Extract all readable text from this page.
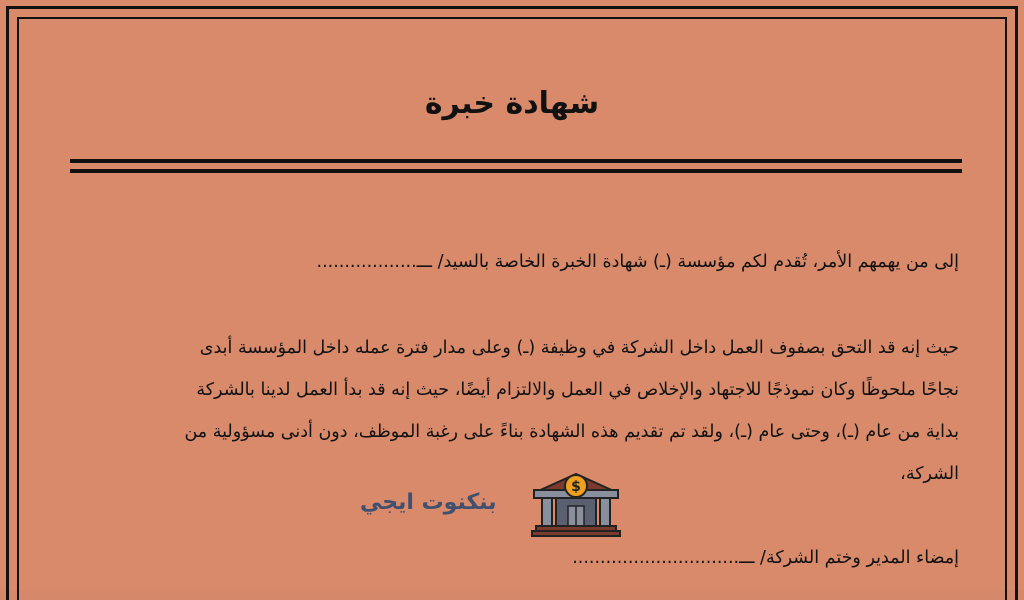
شهادة خبرة
إلى من يهمهم الأمر، تُقدم لكم مؤسسة (ـ) شهادة الخبرة الخاصة بالسيد/ ـــ..................
حيث إنه قد التحق بصفوف العمل داخل الشركة في وظيفة (ـ) وعلى مدار فترة عمله داخل المؤسسة أبدى
نجاحًا ملحوظًا وكان نموذجًا للاجتهاد والإخلاص في العمل والالتزام أيضًا، حيث إنه قد بدأ العمل لدينا بالشركة
بداية من عام (ـ)، وحتى عام (ـ)، ولقد تم تقديم هذه الشهادة بناءً على رغبة الموظف، دون أدنى مسؤولية من
الشركة،
إمضاء المدير وختم الشركة/ ـــ..............................
بنكنوت ايجي
$
